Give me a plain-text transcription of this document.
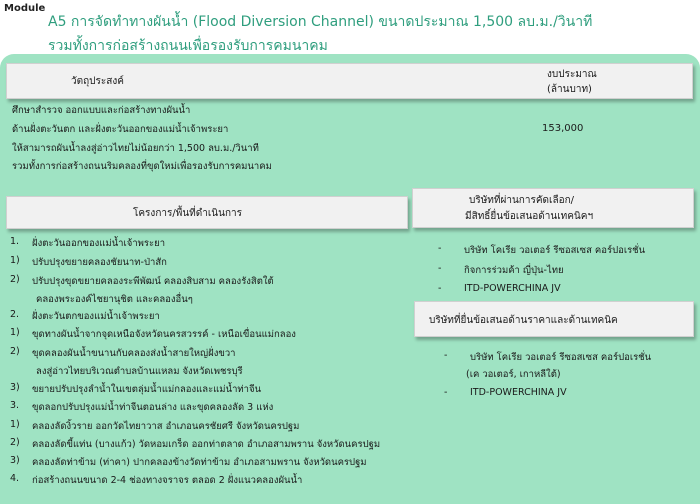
Module
A5 การจัดทำทางผันน้ำ (Flood Diversion Channel) ขนาดประมาณ 1,500 ลบ.ม./วินาที
รวมทั้งการก่อสร้างถนนเพื่อรองรับการคมนาคม
วัตถุประสงค์
งบประมาณ
(ล้านบาท)
ศึกษาสำรวจ ออกแบบและก่อสร้างทางผันน้ำ
ด้านฝั่งตะวันตก และฝั่งตะวันออกของแม่น้ำเจ้าพระยา
ให้สามารถผันน้ำลงสู่อ่าวไทยไม่น้อยกว่า 1,500 ลบ.ม./วินาที
รวมทั้งการก่อสร้างถนนริมคลองที่ขุดใหม่เพื่อรองรับการคมนาคม
153,000
โครงการ/พื้นที่ดำเนินการ
บริษัทที่ผ่านการคัดเลือก/
มีสิทธิ์ยื่นข้อเสนอด้านเทคนิคฯ
1. ฝั่งตะวันออกของแม่น้ำเจ้าพระยา
1) ปรับปรุงขยายคลองชัยนาท-ป่าสัก
2) ปรับปรุงขุดขยายคลองระพีพัฒน์ คลองสิบสาม คลองรังสิตใต้
คลองพระองค์ไชยานุชิต และคลองอื่นๆ
2. ฝั่งตะวันตกของแม่น้ำเจ้าพระยา
1) ขุดทางผันน้ำจากจุดเหนือจังหวัดนครสวรรค์ - เหนือเขื่อนแม่กลอง
2) ขุดคลองผันน้ำขนานกับคลองส่งน้ำสายใหญ่ฝั่งขวา
ลงสู่อ่าวไทยบริเวณตำบลบ้านแหลม จังหวัดเพชรบุรี
3) ขยายปรับปรุงลำน้ำในเขตลุ่มน้ำแม่กลองและแม่น้ำท่าจีน
3. ขุดลอกปรับปรุงแม่น้ำท่าจีนตอนล่าง และขุดคลองลัด 3 แห่ง
1) คลองลัดงิ้วราย ออกวัดไทยาวาส อำเภอนครชัยศรี จังหวัดนครปฐม
2) คลองลัดขี้แท่น (บางแก้ว) วัดหอมเกร็ด ออกท่าตลาด อำเภอสามพราน จังหวัดนครปฐม
3) คลองลัดท่าข้าม (ท่าคา) ปากคลองข้างวัดท่าข้าม อำเภอสามพราน จังหวัดนครปฐม
4. ก่อสร้างถนนขนาด 2-4 ช่องทางจราจร ตลอด 2 ฝั่งแนวคลองผันน้ำ
- บริษัท โคเรีย วอเตอร์ รีซอสเซส คอร์ปอเรชั่น
- กิจการร่วมค้า ญี่ปุ่น-ไทย
- ITD-POWERCHINA JV
บริษัทที่ยื่นข้อเสนอด้านราคาและด้านเทคนิค
- บริษัท โคเรีย วอเตอร์ รีซอสเซส คอร์ปอเรชั่น
(เค วอเตอร์, เกาหลีใต้)
- ITD-POWERCHINA JV
